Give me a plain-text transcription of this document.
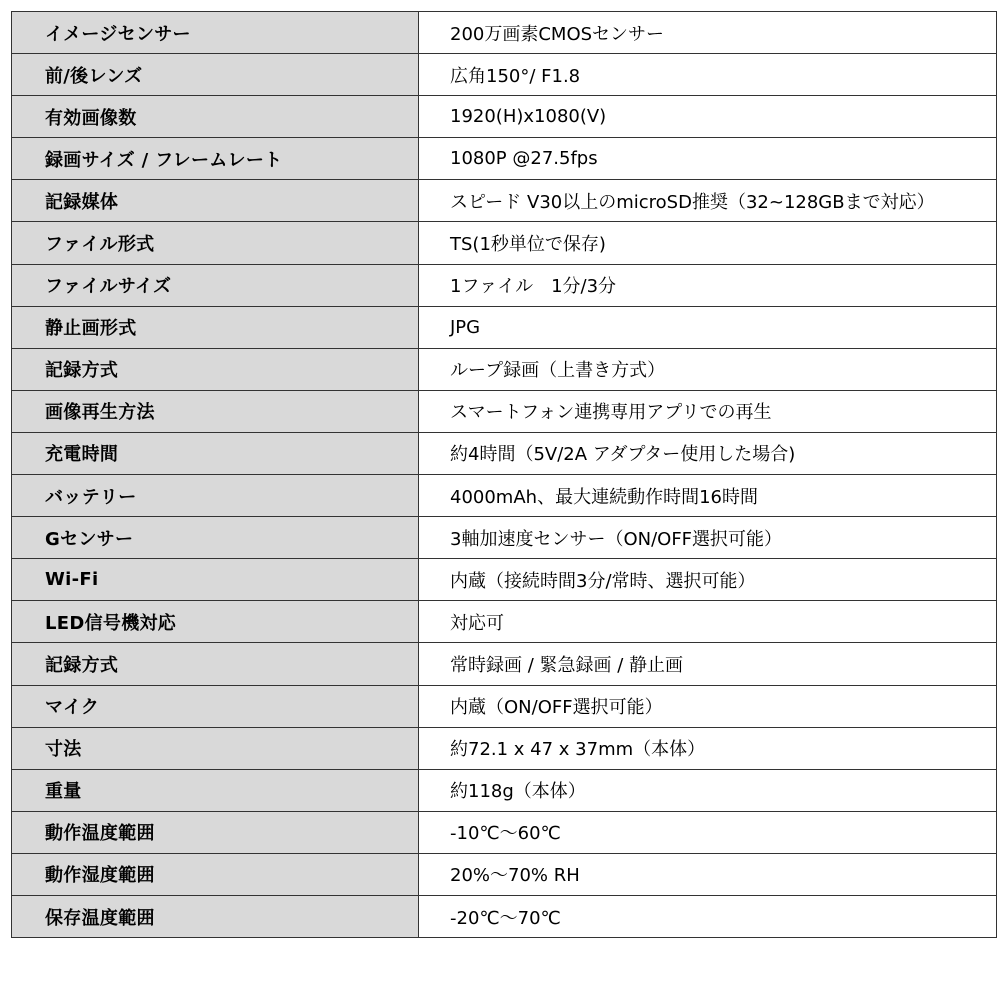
イメージセンサー	200万画素CMOSセンサー
前/後レンズ	広角150°/ F1.8
有効画像数	1920(H)x1080(V)
録画サイズ / フレームレート	1080P @27.5fps
記録媒体	スピード V30以上のmicroSD推奨（32~128GBまで対応）
ファイル形式	TS(1秒単位で保存)
ファイルサイズ	1ファイル　1分/3分
静止画形式	JPG
記録方式	ループ録画（上書き方式）
画像再生方法	スマートフォン連携専用アプリでの再生
充電時間	約4時間（5V/2A アダプター使用した場合)
バッテリー	4000mAh、最大連続動作時間16時間
Gセンサー	3軸加速度センサー（ON/OFF選択可能）
Wi-Fi	内蔵（接続時間3分/常時、選択可能）
LED信号機対応	対応可
記録方式	常時録画 / 緊急録画 / 静止画
マイク	内蔵（ON/OFF選択可能）
寸法	約72.1 x 47 x 37mm（本体）
重量	約118g（本体）
動作温度範囲	-10℃～60℃
動作湿度範囲	20%～70% RH
保存温度範囲	-20℃～70℃
